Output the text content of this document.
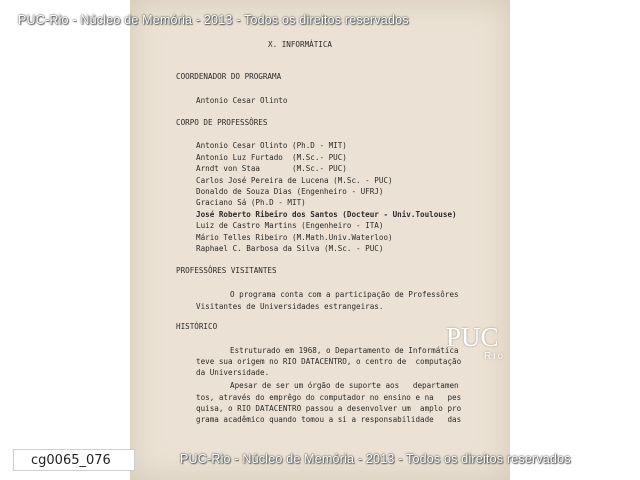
X. INFORMÁTICA
COORDENADOR DO PROGRAMA
Antonio Cesar Olinto
CORPO DE PROFESSÔRES
Antonio Cesar Olinto (Ph.D - MIT)
Antonio Luz Furtado  (M.Sc.- PUC)
Arndt von Staa       (M.Sc.- PUC)
Carlos José Pereira de Lucena (M.Sc. - PUC)
Donaldo de Souza Dias (Engenheiro - UFRJ)
Graciano Sá (Ph.D - MIT)
José Roberto Ribeiro dos Santos (Docteur - Univ.Toulouse)
Luiz de Castro Martins (Engenheiro - ITA)
Mário Telles Ribeiro (M.Math.Univ.Waterloo)
Raphael C. Barbosa da Silva (M.Sc. - PUC)
PROFESSÔRES VISITANTES
O programa conta com a participação de Professôres
Visitantes de Universidades estrangeiras.
HISTÓRICO
Estruturado em 1968, o Departamento de Informática
teve sua origem no RIO DATACENTRO, o centro de  computação
da Universidade.
Apesar de ser um órgão de suporte aos   departamen
tos, através do emprêgo do computador no ensino e na   pes
quisa, o RIO DATACENTRO passou a desenvolver um  amplo pro
grama acadêmico quando tomou a si a responsabilidade   das
PUC
Rio
PUC-Rio - Núcleo de Memória - 2013 - Todos os direitos reservados
PUC-Rio - Núcleo de Memória - 2013 - Todos os direitos reservados
cg0065_076
